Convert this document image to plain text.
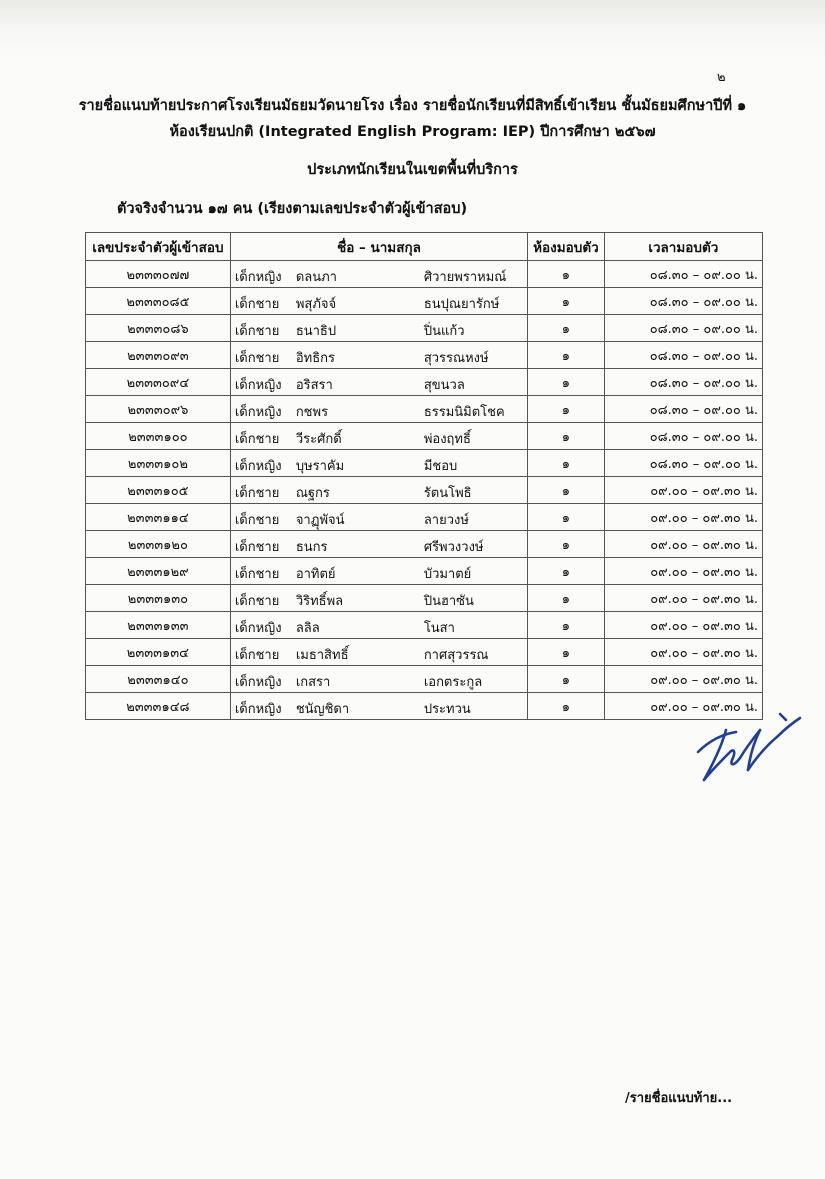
๒
รายชื่อแนบท้ายประกาศโรงเรียนมัธยมวัดนายโรง เรื่อง รายชื่อนักเรียนที่มีสิทธิ์เข้าเรียน ชั้นมัธยมศึกษาปีที่ ๑
ห้องเรียนปกติ (Integrated English Program: IEP) ปีการศึกษา ๒๕๖๗
ประเภทนักเรียนในเขตพื้นที่บริการ
ตัวจริงจำนวน ๑๗ คน (เรียงตามเลขประจำตัวผู้เข้าสอบ)
เลขประจำตัวผู้เข้าสอบ	ชื่อ – นามสกุล	ห้องมอบตัว	เวลามอบตัว
๒๓๓๓๐๗๗	เด็กหญิง ดลนภา ศิวายพราหมณ์	๑	๐๘.๓๐ – ๐๙.๐๐ น.
๒๓๓๓๐๘๕	เด็กชาย พสุภัจจ์ ธนปุณยารักษ์	๑	๐๘.๓๐ – ๐๙.๐๐ น.
๒๓๓๓๐๘๖	เด็กชาย ธนาธิป ปิ่นแก้ว	๑	๐๘.๓๐ – ๐๙.๐๐ น.
๒๓๓๓๐๙๓	เด็กชาย อิทธิกร สุวรรณหงษ์	๑	๐๘.๓๐ – ๐๙.๐๐ น.
๒๓๓๓๐๙๔	เด็กหญิง อริสรา สุขนวล	๑	๐๘.๓๐ – ๐๙.๐๐ น.
๒๓๓๓๐๙๖	เด็กหญิง กชพร ธรรมนิมิตโชค	๑	๐๘.๓๐ – ๐๙.๐๐ น.
๒๓๓๓๑๐๐	เด็กชาย วีระศักดิ์ พ่องฤทธิ์	๑	๐๘.๓๐ – ๐๙.๐๐ น.
๒๓๓๓๑๐๒	เด็กหญิง บุษราคัม มีชอบ	๑	๐๘.๓๐ – ๐๙.๐๐ น.
๒๓๓๓๑๐๕	เด็กชาย ณฐกร รัตนโพธิ	๑	๐๙.๐๐ – ๐๙.๓๐ น.
๒๓๓๓๑๑๔	เด็กชาย จาฏุพัจน์ ลายวงษ์	๑	๐๙.๐๐ – ๐๙.๓๐ น.
๒๓๓๓๑๒๐	เด็กชาย ธนกร ศรีพวงวงษ์	๑	๐๙.๐๐ – ๐๙.๓๐ น.
๒๓๓๓๑๒๙	เด็กชาย อาทิตย์ บัวมาตย์	๑	๐๙.๐๐ – ๐๙.๓๐ น.
๒๓๓๓๑๓๐	เด็กชาย วิริทธิ์พล ปินฮาซัน	๑	๐๙.๐๐ – ๐๙.๓๐ น.
๒๓๓๓๑๓๓	เด็กหญิง ลลิล โนสา	๑	๐๙.๐๐ – ๐๙.๓๐ น.
๒๓๓๓๑๓๔	เด็กชาย เมธาสิทธิ์ กาศสุวรรณ	๑	๐๙.๐๐ – ๐๙.๓๐ น.
๒๓๓๓๑๔๐	เด็กหญิง เกสรา เอกตระกูล	๑	๐๙.๐๐ – ๐๙.๓๐ น.
๒๓๓๓๑๔๘	เด็กหญิง ชนัญชิดา ประทวน	๑	๐๙.๐๐ – ๐๙.๓๐ น.
/รายชื่อแนบท้าย...
